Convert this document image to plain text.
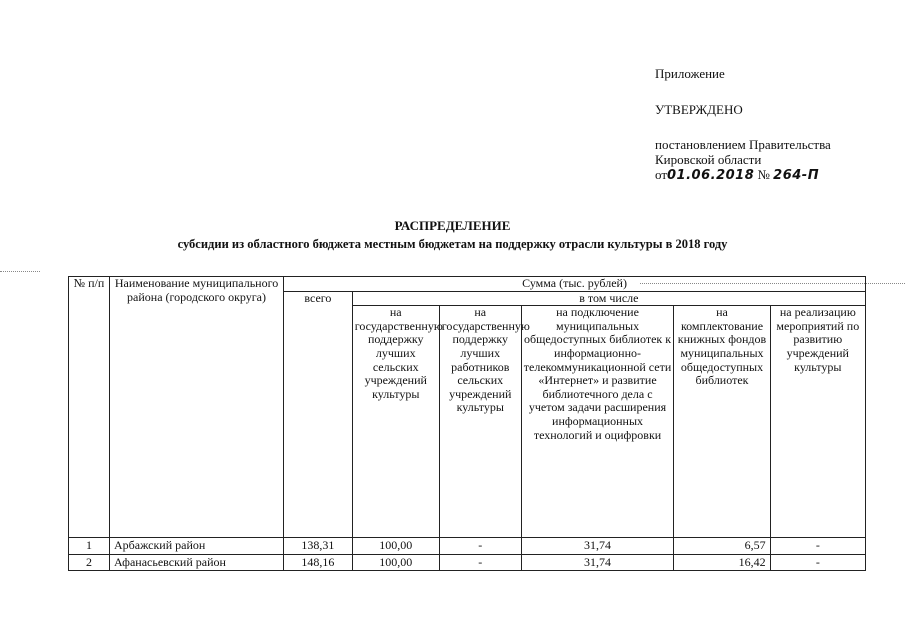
Приложение
УТВЕРЖДЕНО
постановлением Правительства
Кировской области
от01.06.2018 № 264-П
РАСПРЕДЕЛЕНИЕ
субсидии из областного бюджета местным бюджетам на поддержку отрасли культуры в 2018 году
№ п/п	Наименование муниципального района (городского округа)	Сумма (тыс. рублей)					
		всего	в том числе				
			на государственную поддержку лучших сельских учреждений культуры	на государственную поддержку лучших работников сельских учреждений культуры	на подключение муниципальных общедоступных библиотек к информационно-телекоммуникационной сети «Интернет» и развитие библиотечного дела с учетом задачи расширения информационных технологий и оцифровки	на комплектование книжных фондов муниципальных общедоступных библиотек	на реализацию мероприятий по развитию учреждений культуры
1	Арбажский район	138,31	100,00	-	31,74	6,57	-
2	Афанасьевский район	148,16	100,00	-	31,74	16,42	-
